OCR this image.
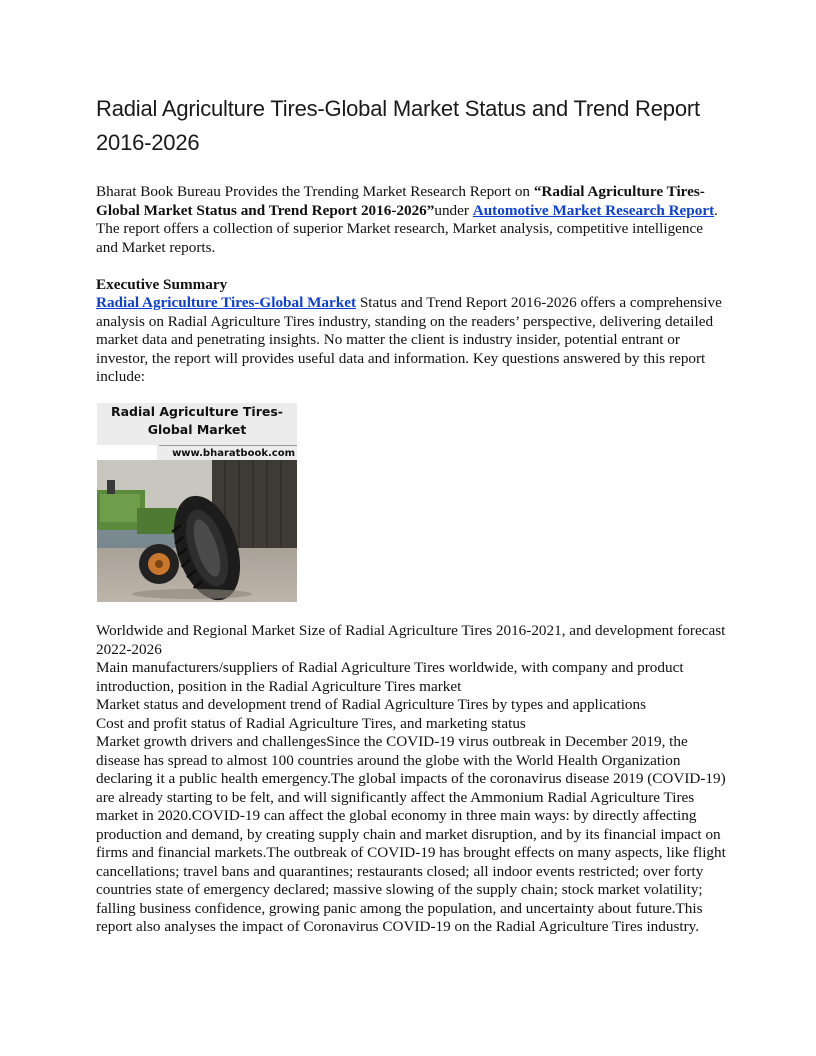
Radial Agriculture Tires-Global Market Status and Trend Report 2016-2026

Bharat Book Bureau Provides the Trending Market Research Report on “Radial Agriculture Tires-Global Market Status and Trend Report 2016-2026”under Automotive Market Research Report. The report offers a collection of superior Market research, Market analysis, competitive intelligence and Market reports.

Executive Summary

Radial Agriculture Tires-Global Market Status and Trend Report 2016-2026 offers a comprehensive analysis on Radial Agriculture Tires industry, standing on the readers’ perspective, delivering detailed market data and penetrating insights. No matter the client is industry insider, potential entrant or investor, the report will provides useful data and information. Key questions answered by this report include:

Radial Agriculture Tires-
Global Market
www.bharatbook.com

Worldwide and Regional Market Size of Radial Agriculture Tires 2016-2021, and development forecast 2022-2026

Main manufacturers/suppliers of Radial Agriculture Tires worldwide, with company and product introduction, position in the Radial Agriculture Tires market

Market status and development trend of Radial Agriculture Tires by types and applications

Cost and profit status of Radial Agriculture Tires, and marketing status

Market growth drivers and challengesSince the COVID-19 virus outbreak in December 2019, the disease has spread to almost 100 countries around the globe with the World Health Organization declaring it a public health emergency.The global impacts of the coronavirus disease 2019 (COVID-19) are already starting to be felt, and will significantly affect the Ammonium Radial Agriculture Tires market in 2020.COVID-19 can affect the global economy in three main ways: by directly affecting production and demand, by creating supply chain and market disruption, and by its financial impact on firms and financial markets.The outbreak of COVID-19 has brought effects on many aspects, like flight cancellations; travel bans and quarantines; restaurants closed; all indoor events restricted; over forty countries state of emergency declared; massive slowing of the supply chain; stock market volatility; falling business confidence, growing panic among the population, and uncertainty about future.This report also analyses the impact of Coronavirus COVID-19 on the Radial Agriculture Tires industry.
